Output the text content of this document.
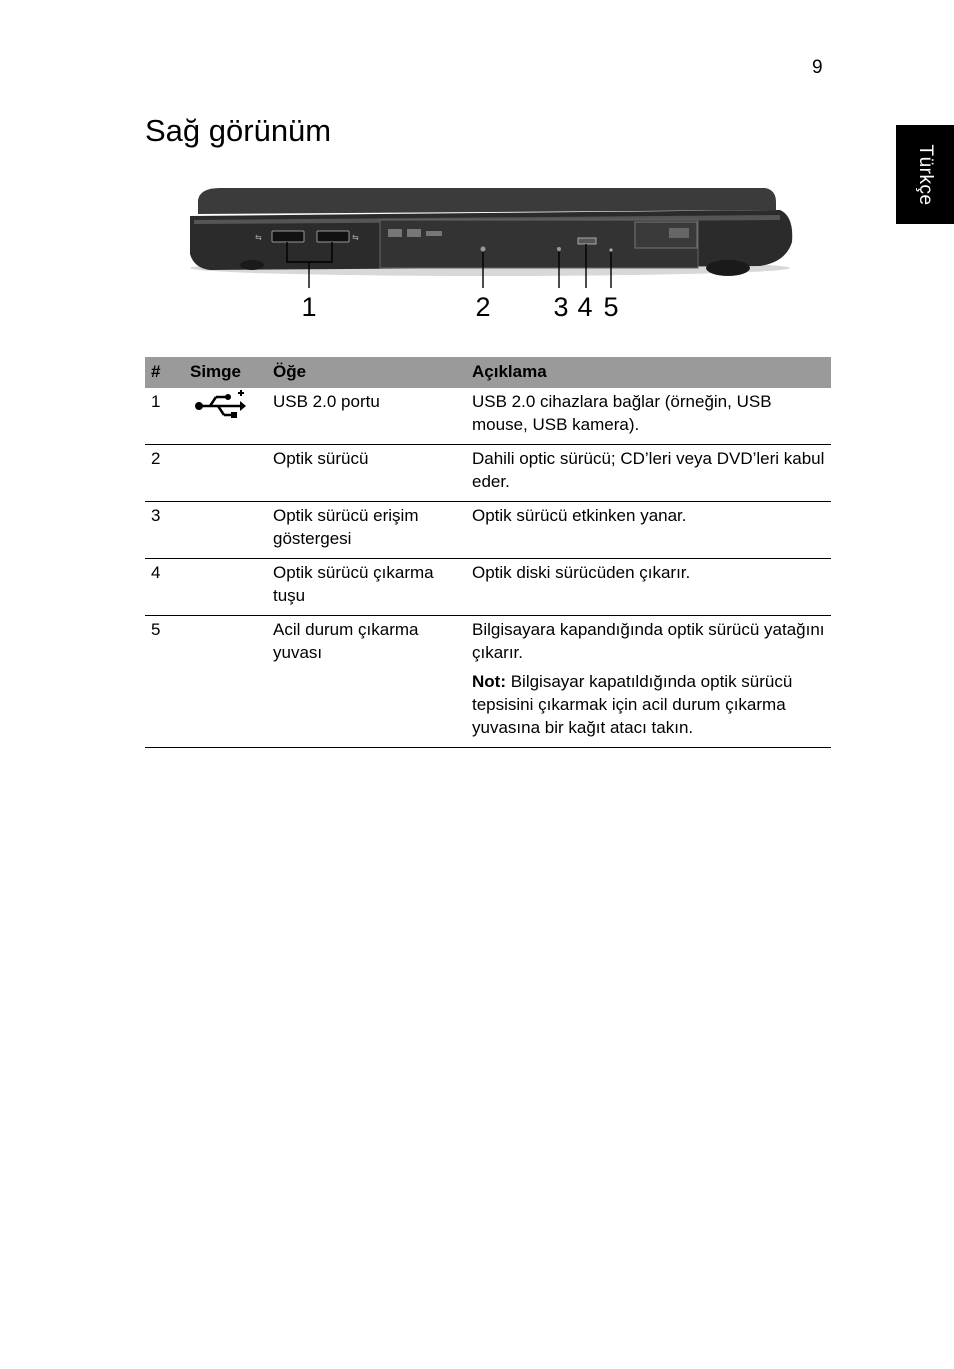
9
Türkçe
Sağ görünüm
⇆	⇆
1	2 3 4 5
#	Simge	Öğe	Açıklama
1		USB 2.0 portu	USB 2.0 cihazlara bağlar (örneğin, USB mouse, USB kamera).
2		Optik sürücü	Dahili optic sürücü; CD’leri veya DVD’leri kabul eder.
3		Optik sürücü erişim göstergesi	Optik sürücü etkinken yanar.
4		Optik sürücü çıkarma tuşu	Optik diski sürücüden çıkarır.
5		Acil durum çıkarma yuvası	Bilgisayara kapandığında optik sürücü yatağını çıkarır.

Not: Bilgisayar kapatıldığında optik sürücü tepsisini çıkarmak için acil durum çıkarma yuvasına bir kağıt atacı takın.
